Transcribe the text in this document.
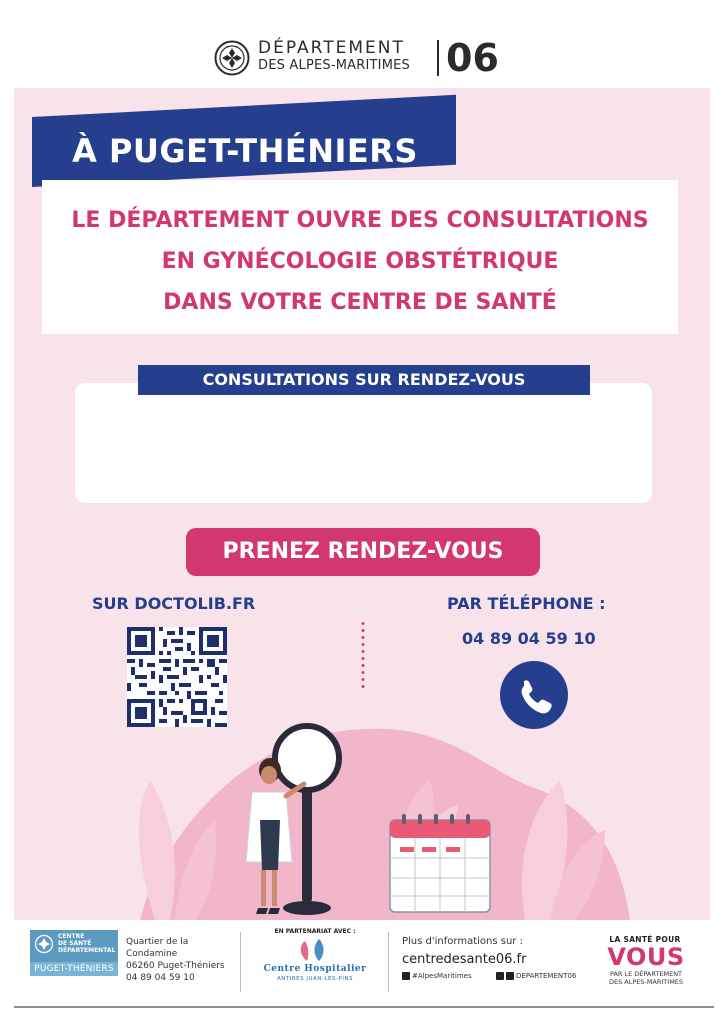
DÉPARTEMENT
DES ALPES-MARITIMES 06
À PUGET-THÉNIERS
LE DÉPARTEMENT OUVRE DES CONSULTATIONS
EN GYNÉCOLOGIE OBSTÉTRIQUE
DANS VOTRE CENTRE DE SANTÉ
CONSULTATIONS SUR RENDEZ-VOUS
PRENEZ RENDEZ-VOUS
SUR DOCTOLIB.FR	PAR TÉLÉPHONE :
04 89 04 59 10
CENTRE
DE SANTÉ
DÉPARTEMENTAL
PUGET-THÉNIERS
Quartier de la Condamine
06260 Puget-Théniers
04 89 04 59 10
EN PARTENARIAT AVEC :
Centre Hospitalier
ANTIBES JUAN-LES-PINS
Plus d'informations sur :
centredesante06.fr
#AlpesMaritimes	DEPARTEMENT06
LA SANTÉ POUR
VOUS
PAR LE DÉPARTEMENT
DES ALPES-MARITIMES
